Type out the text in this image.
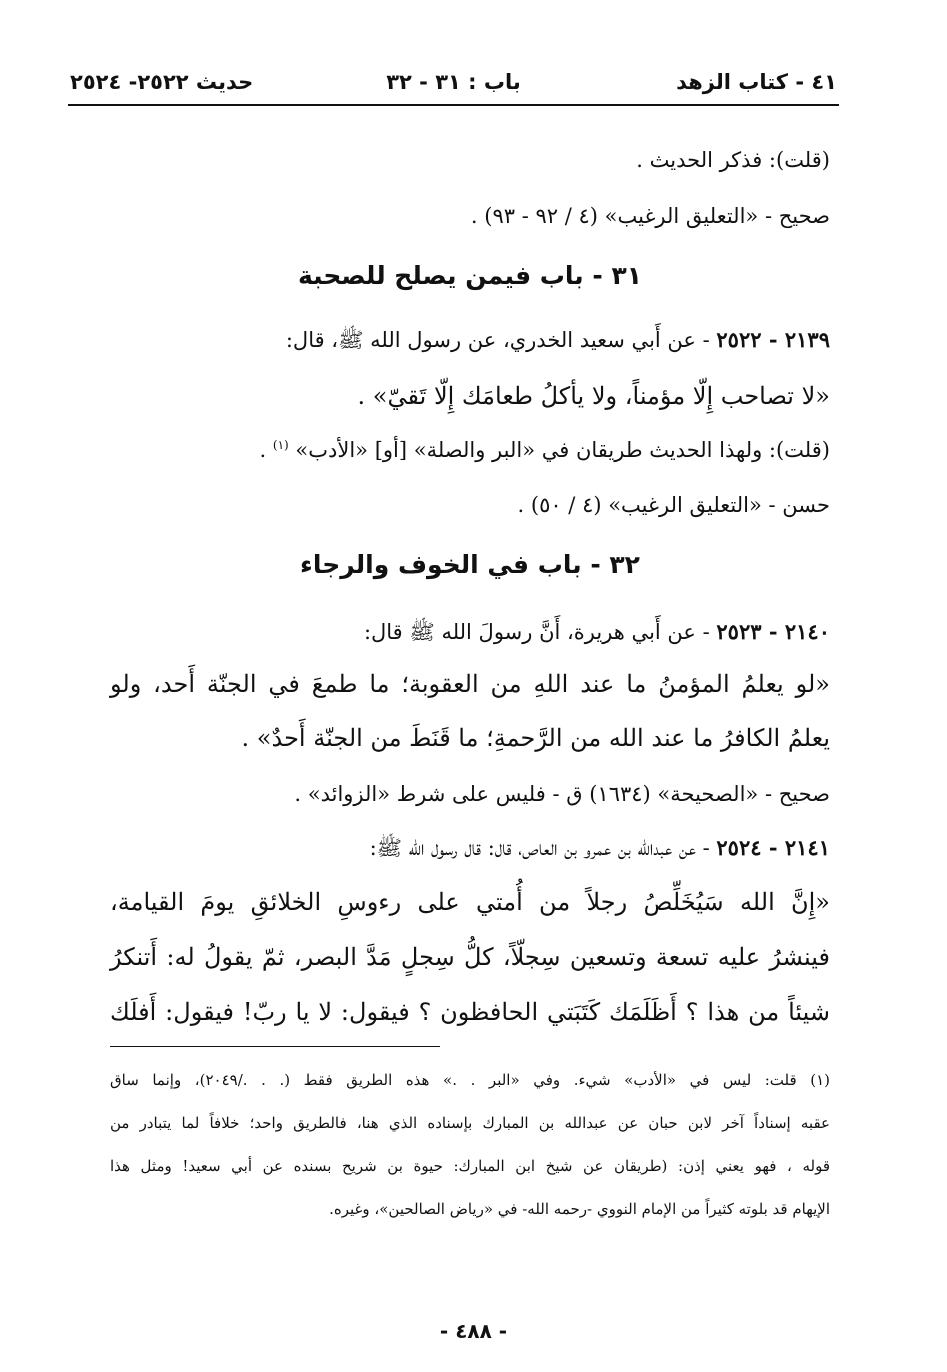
٤١ - كتاب الزهد
باب : ٣١ - ٣٢
حديث ٢٥٢٢- ٢٥٢٤
(قلت): فذكر الحديث .
صحيح - «التعليق الرغيب» (٤ / ٩٢ - ٩٣) .
٣١ - باب فيمن يصلح للصحبة
٢١٣٩ - ٢٥٢٢ - عن أَبي سعيد الخدري، عن رسول الله ﷺ، قال:
«لا تصاحب إِلّا مؤمناً، ولا يأكلُ طعامَك إِلّا تَقيّ» .
(قلت): ولهذا الحديث طريقان في «البر والصلة» [أو] «الأدب» $^{(١)}$ .
حسن - «التعليق الرغيب» (٤ / ٥٠) .
٣٢ - باب في الخوف والرجاء
٢١٤٠ - ٢٥٢٣ - عن أَبي هريرة، أَنَّ رسولَ الله ﷺ قال:
«لو يعلمُ المؤمنُ ما عند اللهِ من العقوبة؛ ما طمعَ في الجنّة أَحد، ولو
يعلمُ الكافرُ ما عند الله من الرَّحمةِ؛ ما قَنَطَ من الجنّة أَحدٌ» .
صحيح - «الصحيحة» (١٦٣٤) ق - فليس على شرط «الزوائد» .
٢١٤١ - ٢٥٢٤ - عن عبدالله بن عمرو بن العاص، قال: قال رسول الله ﷺ:
«إِنَّ الله سَيُخَلِّصُ رجلاً من أُمتي على رءوسِ الخلائقِ يومَ القيامة،
فينشرُ عليه تسعة وتسعين سِجلّاً، كلُّ سِجلٍ مَدَّ البصر، ثمّ يقولُ له: أَتنكرُ
شيئاً من هذا ؟ أَظَلَمَك كَتَبَتي الحافظون ؟ فيقول: لا يا ربّ! فيقول: أَفلَك
(١) قلت: ليس في «الأدب» شيء. وفي «البر . .» هذه الطريق فقط (. . ./٢٠٤٩)، وإنما ساق
عقبه إسناداً آخر لابن حبان عن عبدالله بن المبارك بإسناده الذي هنا، فالطريق واحد؛ خلافاً لما يتبادر من
قوله ، فهو يعني إذن: (طريقان عن شيخ ابن المبارك: حيوة بن شريح بسنده عن أبي سعيد! ومثل هذا
الإيهام قد بلوته كثيراً من الإمام النووي -رحمه الله- في «رياض الصالحين»، وغيره.
- ٤٨٨ -
